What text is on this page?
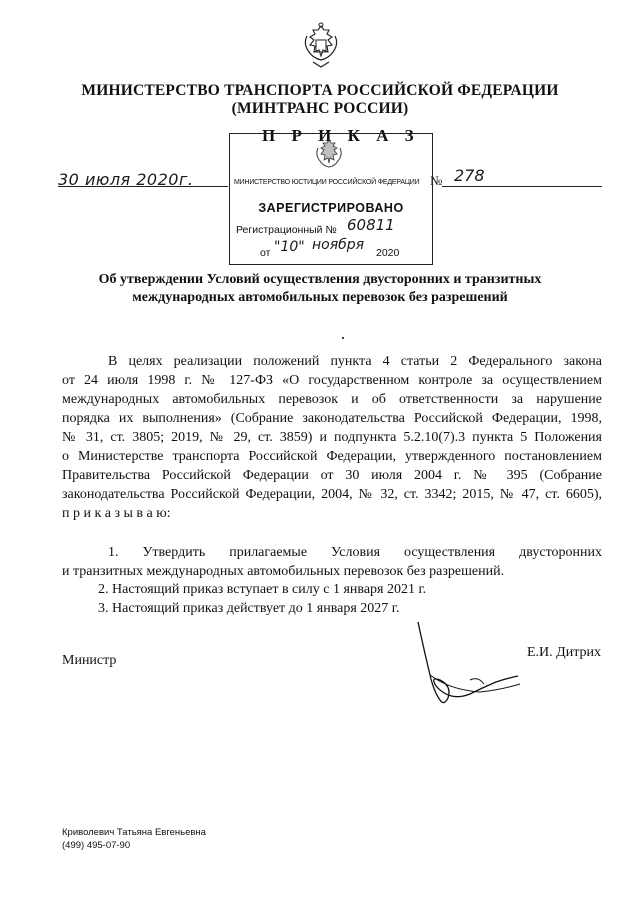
МИНИСТЕРСТВО ТРАНСПОРТА РОССИЙСКОЙ ФЕДЕРАЦИИ
(МИНТРАНС РОССИИ)
П Р И К А З
30 июля 2020г.	№ 278
МИНИСТЕРСТВО ЮСТИЦИИ РОССИЙСКОЙ ФЕДЕРАЦИИ
ЗАРЕГИСТРИРОВАНО
Регистрационный № 60811
от "10" ноября 2020
Об утверждении Условий осуществления двусторонних и транзитных
международных автомобильных перевозок без разрешений
В целях реализации положений пункта 4 статьи 2 Федерального закона
от 24 июля 1998 г. № 127-ФЗ «О государственном контроле за осуществлением
международных автомобильных перевозок и об ответственности за нарушение
порядка их выполнения» (Собрание законодательства Российской Федерации, 1998,
№ 31, ст. 3805; 2019, № 29, ст. 3859) и подпункта 5.2.10(7).3 пункта 5 Положения
о Министерстве транспорта Российской Федерации, утвержденного постановлением
Правительства Российской Федерации от 30 июля 2004 г. № 395 (Собрание
законодательства Российской Федерации, 2004, № 32, ст. 3342; 2015, № 47, ст. 6605),
п р и к а з ы в а ю:
1. Утвердить прилагаемые Условия осуществления двусторонних
и транзитных международных автомобильных перевозок без разрешений.
2. Настоящий приказ вступает в силу с 1 января 2021 г.
3. Настоящий приказ действует до 1 января 2027 г.
Министр
Е.И. Дитрих
Криволевич Татьяна Евгеньевна
(499) 495-07-90
